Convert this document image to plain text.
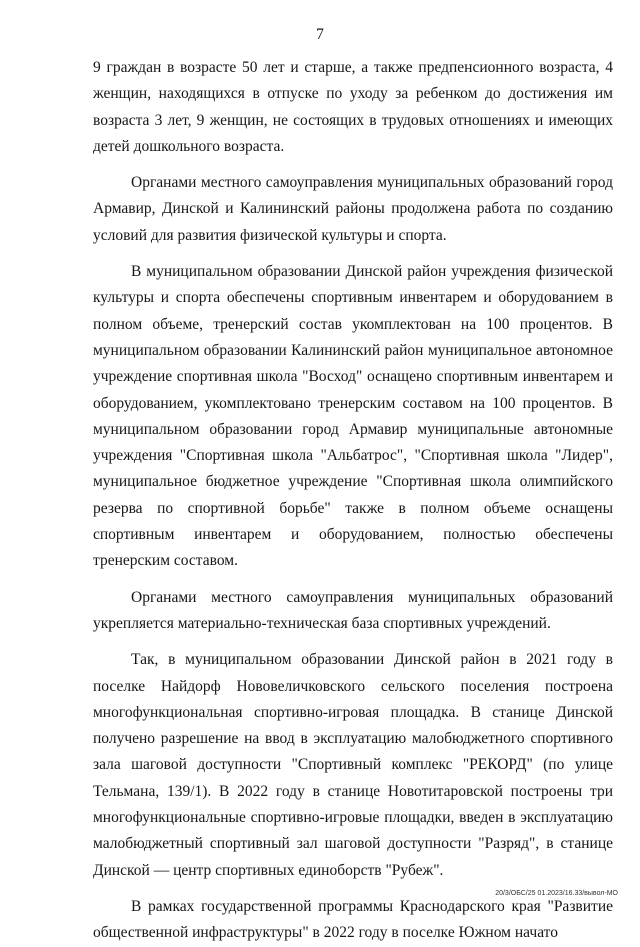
7

9 граждан в возрасте 50 лет и старше, а также предпенсионного возраста, 4 женщин, находящихся в отпуске по уходу за ребенком до достижения им возраста 3 лет, 9 женщин, не состоящих в трудовых отношениях и имеющих детей дошкольного возраста.

Органами местного самоуправления муниципальных образований город Армавир, Динской и Калининский районы продолжена работа по созданию условий для развития физической культуры и спорта.

В муниципальном образовании Динской район учреждения физической культуры и спорта обеспечены спортивным инвентарем и оборудованием в полном объеме, тренерский состав укомплектован на 100 процентов. В муниципальном образовании Калининский район муниципальное автономное учреждение спортивная школа "Восход" оснащено спортивным инвентарем и оборудованием, укомплектовано тренерским составом на 100 процентов. В муниципальном образовании город Армавир муниципальные автономные учреждения "Спортивная школа "Альбатрос", "Спортивная школа "Лидер", муниципальное бюджетное учреждение "Спортивная школа олимпийского резерва по спортивной борьбе" также в полном объеме оснащены спортивным инвентарем и оборудованием, полностью обеспечены тренерским составом.

Органами местного самоуправления муниципальных образований укрепляется материально-техническая база спортивных учреждений.

Так, в муниципальном образовании Динской район в 2021 году в поселке Найдорф Нововеличковского сельского поселения построена многофункциональная спортивно-игровая площадка. В станице Динской получено разрешение на ввод в эксплуатацию малобюджетного спортивного зала шаговой доступности "Спортивный комплекс "РЕКОРД" (по улице Тельмана, 139/1). В 2022 году в станице Новотитаровской построены три многофункциональные спортивно-игровые площадки, введен в эксплуатацию малобюджетный спортивный зал шаговой доступности "Разряд", в станице Динской — центр спортивных единоборств "Рубеж".

В рамках государственной программы Краснодарского края "Развитие общественной инфраструктуры" в 2022 году в поселке Южном начато

20/3/ОБС/25 01.2023/16.33/вывол-МО
